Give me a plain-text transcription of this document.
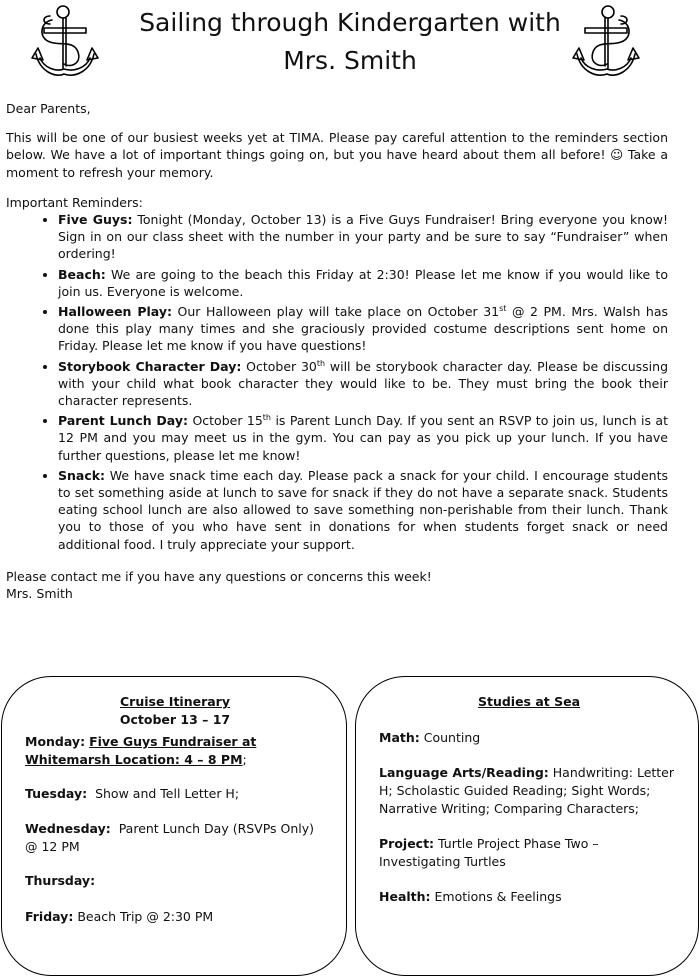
Sailing through Kindergarten with
Mrs. Smith

Dear Parents,

This will be one of our busiest weeks yet at TIMA. Please pay careful attention to the reminders section below. We have a lot of important things going on, but you have heard about them all before! ☺ Take a moment to refresh your memory.

Important Reminders:

• Five Guys: Tonight (Monday, October 13) is a Five Guys Fundraiser! Bring everyone you know! Sign in on our class sheet with the number in your party and be sure to say “Fundraiser” when ordering!
• Beach: We are going to the beach this Friday at 2:30! Please let me know if you would like to join us. Everyone is welcome.
• Halloween Play: Our Halloween play will take place on October 31st @ 2 PM. Mrs. Walsh has done this play many times and she graciously provided costume descriptions sent home on Friday. Please let me know if you have questions!
• Storybook Character Day: October 30th will be storybook character day. Please be discussing with your child what book character they would like to be. They must bring the book their character represents.
• Parent Lunch Day: October 15th is Parent Lunch Day. If you sent an RSVP to join us, lunch is at 12 PM and you may meet us in the gym. You can pay as you pick up your lunch. If you have further questions, please let me know!
• Snack: We have snack time each day. Please pack a snack for your child. I encourage students to set something aside at lunch to save for snack if they do not have a separate snack. Students eating school lunch are also allowed to save something non-perishable from their lunch. Thank you to those of you who have sent in donations for when students forget snack or need additional food. I truly appreciate your support.

Please contact me if you have any questions or concerns this week!

Mrs. Smith

Cruise Itinerary

October 13 – 17

Monday: Five Guys Fundraiser at Whitemarsh Location: 4 – 8 PM;

Tuesday: Show and Tell Letter H;

Wednesday: Parent Lunch Day (RSVPs Only) @ 12 PM

Thursday:

Friday: Beach Trip @ 2:30 PM

Studies at Sea

Math: Counting

Language Arts/Reading: Handwriting: Letter H; Scholastic Guided Reading; Sight Words; Narrative Writing; Comparing Characters;

Project: Turtle Project Phase Two – Investigating Turtles

Health: Emotions & Feelings
